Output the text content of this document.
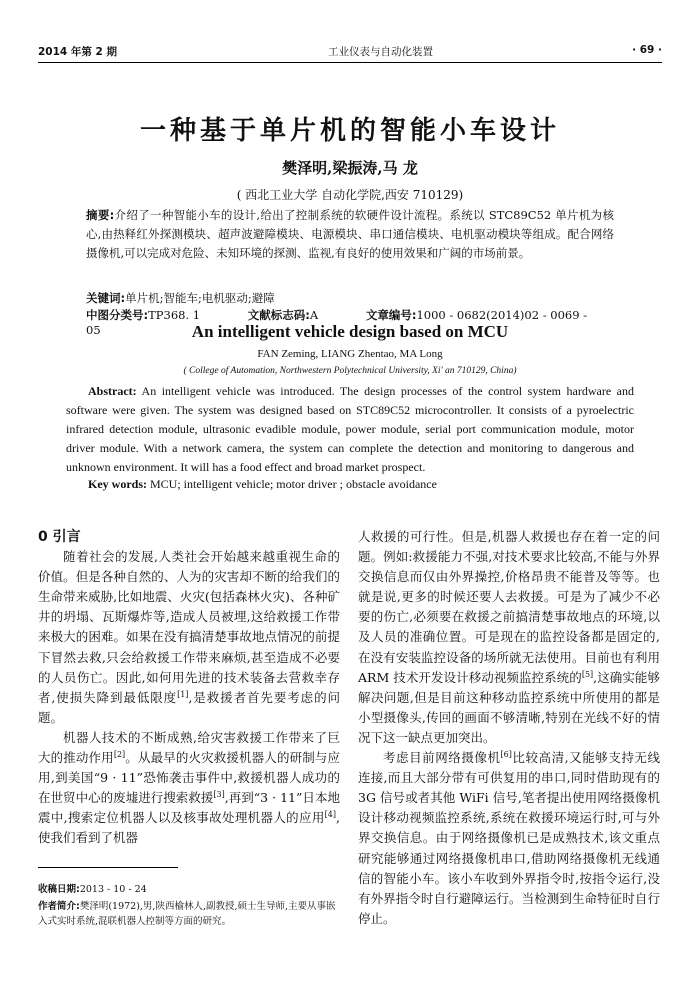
2014 年第 2 期	工业仪表与自动化装置	· 69 ·
一种基于单片机的智能小车设计
樊泽明,梁振涛,马 龙
( 西北工业大学 自动化学院,西安 710129)
摘要:介绍了一种智能小车的设计,给出了控制系统的软硬件设计流程。系统以 STC89C52 单片机为核心,由热释红外探测模块、超声波避障模块、电源模块、串口通信模块、电机驱动模块等组成。配合网络摄像机,可以完成对危险、未知环境的探测、监视,有良好的使用效果和广阔的市场前景。
关键词:单片机;智能车;电机驱动;避障
中图分类号:TP368. 1	文献标志码:A	文章编号:1000 - 0682(2014)02 - 0069 - 05	An intelligent vehicle design based on MCU
FAN Zeming, LIANG Zhentao, MA Long
( College of Automation, Northwestern Polytechnical University, Xi' an 710129, China)
Abstract: An intelligent vehicle was introduced. The design processes of the control system hardware and software were given. The system was designed based on STC89C52 microcontroller. It consists of a pyroelectric infrared detection module, ultrasonic evadible module, power module, serial port communication module, motor driver module. With a network camera, the system can complete the detection and monitoring to dangerous and unknown environment. It will has a food effect and broad market prospect.
Key words: MCU; intelligent vehicle; motor driver ; obstacle avoidance

0 引言

随着社会的发展,人类社会开始越来越重视生命的价值。但是各种自然的、人为的灾害却不断的给我们的生命带来威胁,比如地震、火灾(包括森林火灾)、各种矿井的坍塌、瓦斯爆炸等,造成人员被埋,这给救援工作带来极大的困难。如果在没有搞清楚事故地点情况的前提下冒然去救,只会给救援工作带来麻烦,甚至造成不必要的人员伤亡。因此,如何用先进的技术装备去营救幸存者,使损失降到最低限度[1],是救援者首先要考虑的问题。

机器人技术的不断成熟,给灾害救援工作带来了巨大的推动作用[2]。从最早的火灾救援机器人的研制与应用,到美国“9 · 11”恐怖袭击事件中,救援机器人成功的在世贸中心的废墟进行搜索救援[3],再到“3 · 11”日本地震中,搜索定位机器人以及核事故处理机器人的应用[4],使我们看到了机器

收稿日期:2013 - 10 - 24
作者简介:樊泽明(1972),男,陕西榆林人,副教授,硕士生导师,主要从事嵌入式实时系统,混联机器人控制等方面的研究。

人救援的可行性。但是,机器人救援也存在着一定的问题。例如:救援能力不强,对技术要求比较高,不能与外界交换信息而仅由外界操控,价格昂贵不能普及等等。也就是说,更多的时候还要人去救援。可是为了减少不必要的伤亡,必须要在救援之前搞清楚事故地点的环境,以及人员的准确位置。可是现在的监控设备都是固定的,在没有安装监控设备的场所就无法使用。目前也有利用 ARM 技术开发设计移动视频监控系统的[5],这确实能够解决问题,但是目前这种移动监控系统中所使用的都是小型摄像头,传回的画面不够清晰,特别在光线不好的情况下这一缺点更加突出。

考虑目前网络摄像机[6]比较高清,又能够支持无线连接,而且大部分带有可供复用的串口,同时借助现有的 3G 信号或者其他 WiFi 信号,笔者提出使用网络摄像机设计移动视频监控系统,系统在救援环境运行时,可与外界交换信息。由于网络摄像机已是成熟技术,该文重点研究能够通过网络摄像机串口,借助网络摄像机无线通信的智能小车。该小车收到外界指令时,按指令运行,没有外界指令时自行避障运行。当检测到生命特征时自行停止。
